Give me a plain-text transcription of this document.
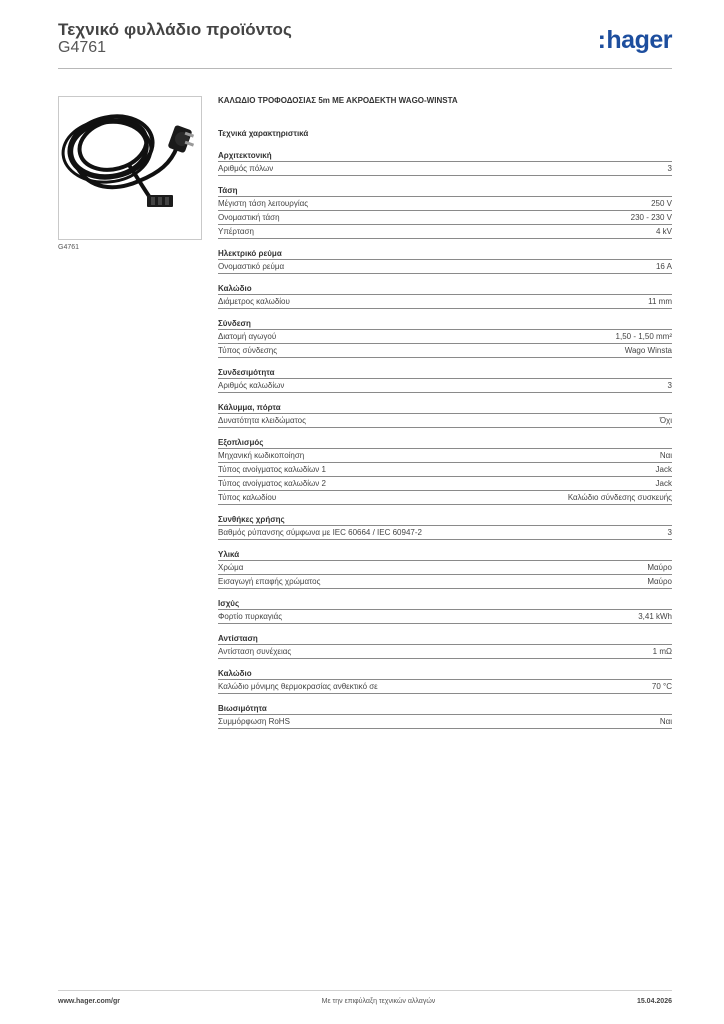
Τεχνικό φυλλάδιο προϊόντος
G4761	:hager
G4761
ΚΑΛΩΔΙΟ ΤΡΟΦΟΔΟΣΙΑΣ 5m ΜΕ ΑΚΡΟΔΕΚΤΗ WAGO-WINSTA
Τεχνικά χαρακτηριστικά
Αρχιτεκτονική
Αριθμός πόλων	3
Τάση
Μέγιστη τάση λειτουργίας	250 V
Ονομαστική τάση	230 - 230 V
Υπέρταση	4 kV
Ηλεκτρικό ρεύμα
Ονομαστικό ρεύμα	16 A
Καλώδιο
Διάμετρος καλωδίου	11 mm
Σύνδεση
Διατομή αγωγού	1,50 - 1,50 mm²
Τύπος σύνδεσης	Wago Winsta
Συνδεσιμότητα
Αριθμός καλωδίων	3
Κάλυμμα, πόρτα
Δυνατότητα κλειδώματος	Όχι
Εξοπλισμός
Μηχανική κωδικοποίηση	Ναι
Τύπος ανοίγματος καλωδίων 1	Jack
Τύπος ανοίγματος καλωδίων 2	Jack
Τύπος καλωδίου	Καλώδιο σύνδεσης συσκευής
Συνθήκες χρήσης
Βαθμός ρύπανσης σύμφωνα με IEC 60664 / IEC 60947-2	3
Υλικά
Χρώμα	Μαύρο
Εισαγωγή επαφής χρώματος	Μαύρο
Ισχύς
Φορτίο πυρκαγιάς	3,41 kWh
Αντίσταση
Αντίσταση συνέχειας	1 mΩ
Καλώδιο
Καλώδιο μόνιμης θερμοκρασίας ανθεκτικό σε	70 °C
Βιωσιμότητα
Συμμόρφωση RoHS	Ναι
www.hager.com/gr	Με την επιφύλαξη τεχνικών αλλαγών	15.04.2026
